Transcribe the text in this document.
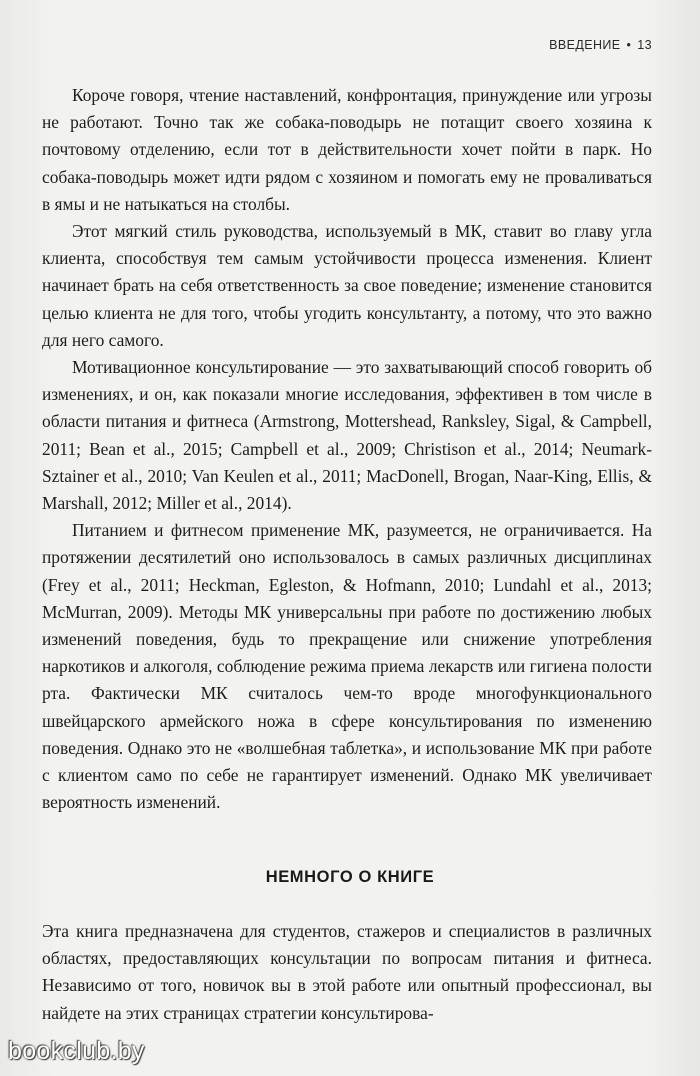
ВВЕДЕНИЕ • 13

Короче говоря, чтение наставлений, конфронтация, принуждение или угрозы не работают. Точно так же собака-поводырь не потащит своего хозяина к почтовому отделению, если тот в действительности хочет пойти в парк. Но собака-поводырь может идти рядом с хозяином и помогать ему не проваливаться в ямы и не натыкаться на столбы.

Этот мягкий стиль руководства, используемый в МК, ставит во главу угла клиента, способствуя тем самым устойчивости процесса изменения. Клиент начинает брать на себя ответственность за свое поведение; изменение становится целью клиента не для того, чтобы угодить консультанту, а потому, что это важно для него самого.

Мотивационное консультирование — это захватывающий способ говорить об изменениях, и он, как показали многие исследования, эффективен в том числе в области питания и фитнеса (Armstrong, Mottershead, Ranksley, Sigal, & Campbell, 2011; Bean et al., 2015; Campbell et al., 2009; Christison et al., 2014; Neumark-Sztainer et al., 2010; Van Keulen et al., 2011; MacDonell, Brogan, Naar-King, Ellis, & Marshall, 2012; Miller et al., 2014).

Питанием и фитнесом применение МК, разумеется, не ограничивается. На протяжении десятилетий оно использовалось в самых различных дисциплинах (Frey et al., 2011; Heckman, Egleston, & Hofmann, 2010; Lundahl et al., 2013; McMurran, 2009). Методы МК универсальны при работе по достижению любых изменений поведения, будь то прекращение или снижение употребления наркотиков и алкоголя, соблюдение режима приема лекарств или гигиена полости рта. Фактически МК считалось чем-то вроде многофункционального швейцарского армейского ножа в сфере консультирования по изменению поведения. Однако это не «волшебная таблетка», и использование МК при работе с клиентом само по себе не гарантирует изменений. Однако МК увеличивает вероятность изменений.

НЕМНОГО О КНИГЕ

Эта книга предназначена для студентов, стажеров и специалистов в различных областях, предоставляющих консультации по вопросам питания и фитнеса. Независимо от того, новичок вы в этой работе или опытный профессионал, вы найдете на этих страницах стратегии консультирова-

bookclub.by
